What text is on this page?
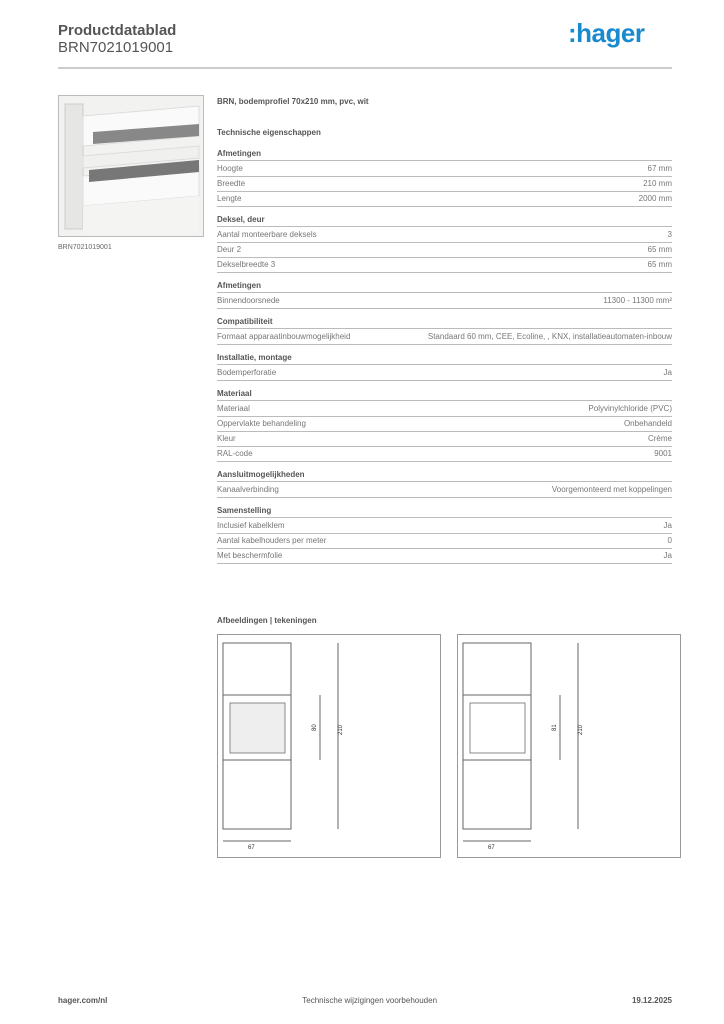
Productdatablad
BRN7021019001	:hager
BRN7021019001
BRN, bodemprofiel 70x210 mm, pvc, wit
Technische eigenschappen
Afmetingen
Hoogte	67 mm
Breedte	210 mm
Lengte	2000 mm
Deksel, deur
Aantal monteerbare deksels	3
Deur 2	65 mm
Dekselbreedte 3	65 mm
Afmetingen
Binnendoorsnede	11300 - 11300 mm²
Compatibiliteit
Formaat apparaatinbouwmogelijkheid	Standaard 60 mm, CEE, Ecoline, , KNX, installatieautomaten-inbouw
Installatie, montage
Bodemperforatie	Ja
Materiaal
Materiaal	Polyvinylchloride (PVC)
Oppervlakte behandeling	Onbehandeld
Kleur	Crème
RAL-code	9001
Aansluitmogelijkheden
Kanaalverbinding	Voorgemonteerd met koppelingen
Samenstelling
Inclusief kabelklem	Ja
Aantal kabelhouders per meter	0
Met beschermfolie	Ja
Afbeeldingen | tekeningen
67
210
80
67
210
81
hager.com/nl	Technische wijzigingen voorbehouden	19.12.2025
